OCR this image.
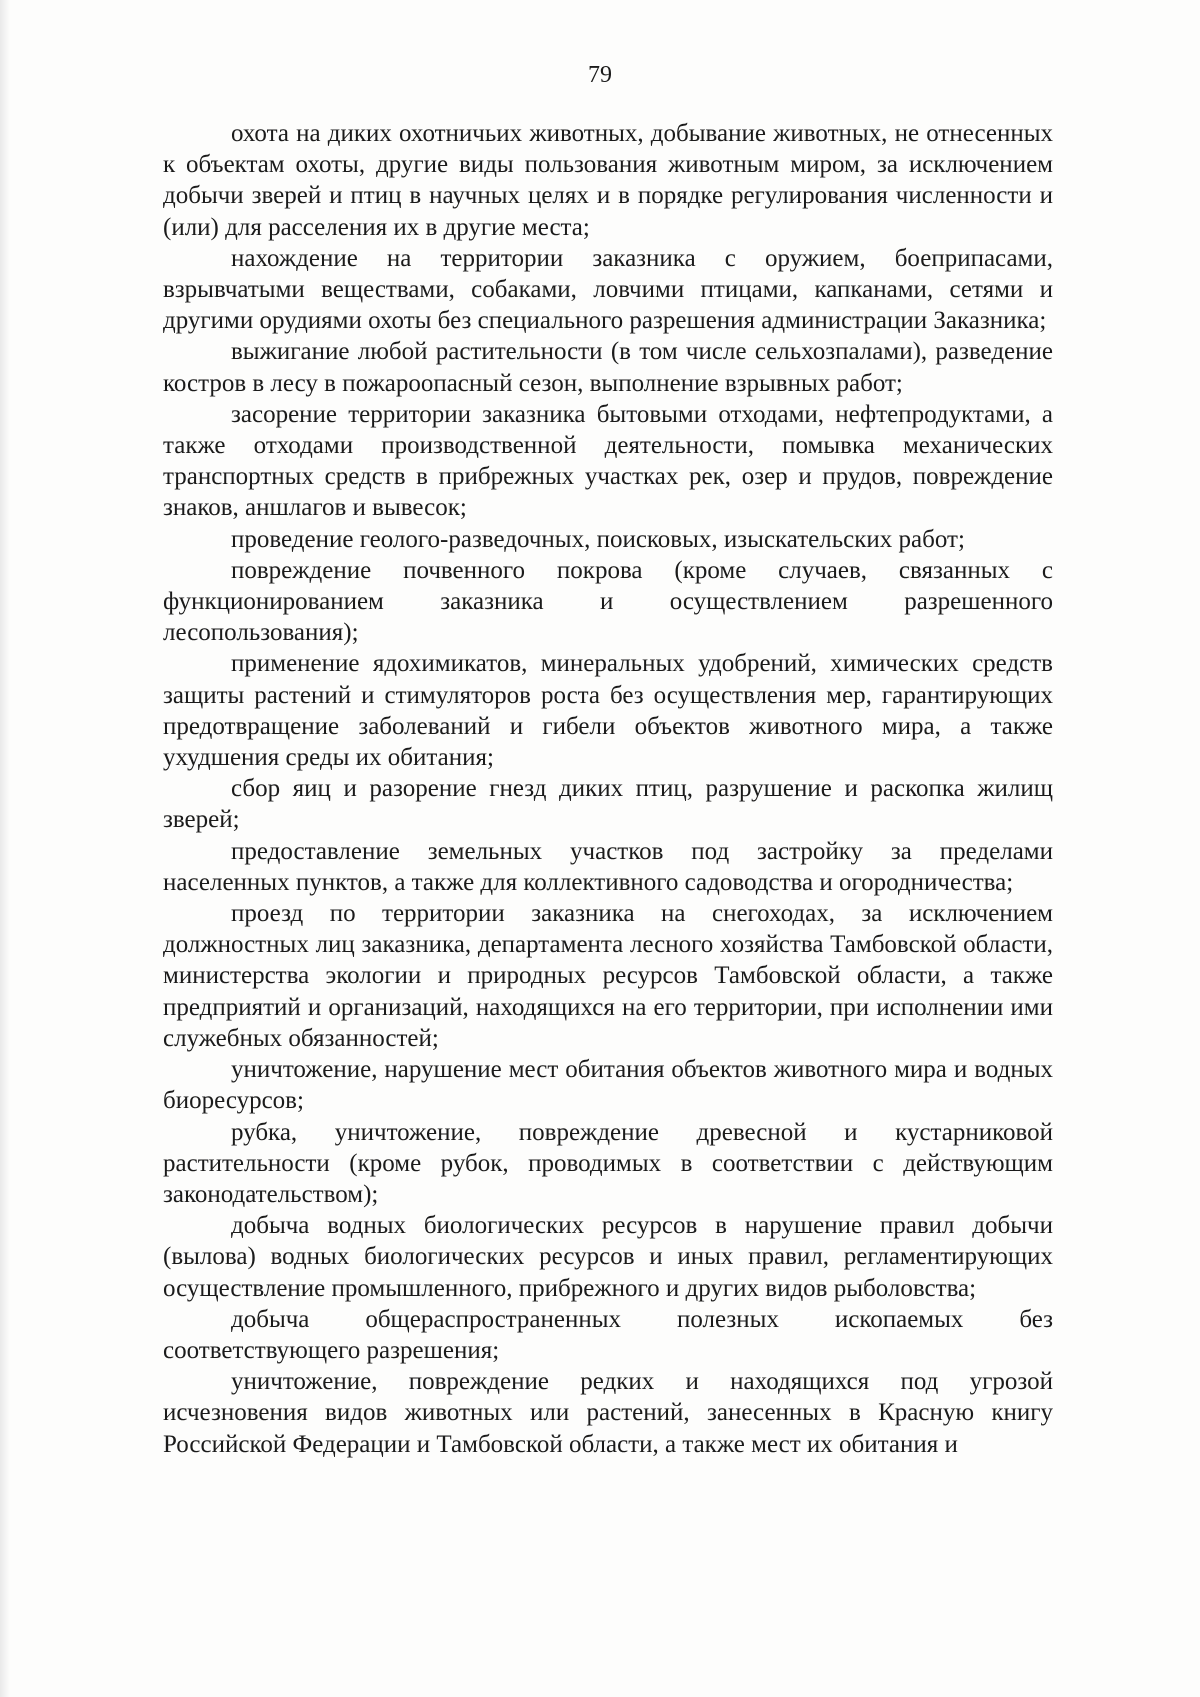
79

охота на диких охотничьих животных, добывание животных, не отнесенных к объектам охоты, другие виды пользования животным миром, за исключением добычи зверей и птиц в научных целях и в порядке регулирования численности и (или) для расселения их в другие места;

нахождение на территории заказника с оружием, боеприпасами, взрывчатыми веществами, собаками, ловчими птицами, капканами, сетями и другими орудиями охоты без специального разрешения администрации Заказника;

выжигание любой растительности (в том числе сельхозпалами), разведение костров в лесу в пожароопасный сезон, выполнение взрывных работ;

засорение территории заказника бытовыми отходами, нефтепродуктами, а также отходами производственной деятельности, помывка механических транспортных средств в прибрежных участках рек, озер и прудов, повреждение знаков, аншлагов и вывесок;

проведение геолого-разведочных, поисковых, изыскательских работ;

повреждение почвенного покрова (кроме случаев, связанных с функционированием заказника и осуществлением разрешенного лесопользования);

применение ядохимикатов, минеральных удобрений, химических средств защиты растений и стимуляторов роста без осуществления мер, гарантирующих предотвращение заболеваний и гибели объектов животного мира, а также ухудшения среды их обитания;

сбор яиц и разорение гнезд диких птиц, разрушение и раскопка жилищ зверей;

предоставление земельных участков под застройку за пределами населенных пунктов, а также для коллективного садоводства и огородничества;

проезд по территории заказника на снегоходах, за исключением должностных лиц заказника, департамента лесного хозяйства Тамбовской области, министерства экологии и природных ресурсов Тамбовской области, а также предприятий и организаций, находящихся на его территории, при исполнении ими служебных обязанностей;

уничтожение, нарушение мест обитания объектов животного мира и водных биоресурсов;

рубка, уничтожение, повреждение древесной и кустарниковой растительности (кроме рубок, проводимых в соответствии с действующим законодательством);

добыча водных биологических ресурсов в нарушение правил добычи (вылова) водных биологических ресурсов и иных правил, регламентирующих осуществление промышленного, прибрежного и других видов рыболовства;

добыча общераспространенных полезных ископаемых без соответствующего разрешения;

уничтожение, повреждение редких и находящихся под угрозой исчезновения видов животных или растений, занесенных в Красную книгу Российской Федерации и Тамбовской области, а также мест их обитания и
